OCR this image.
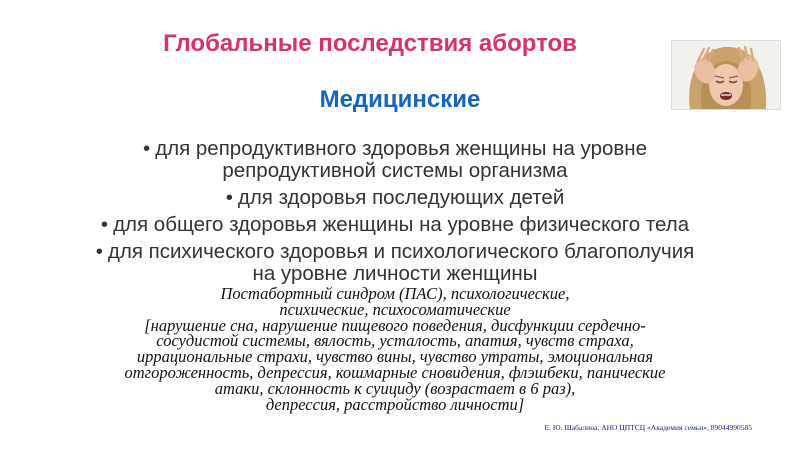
Глобальные последствия абортов
Медицинские
• для репродуктивного здоровья женщины на уровне
репродуктивной системы организма
• для здоровья последующих детей
• для общего здоровья женщины на уровне физического тела
• для психического здоровья и психологического благополучия
на уровне личности женщины

Постабортный синдром (ПАС), психологические,

психические, психосоматические

[нарушение сна, нарушение пищевого поведения, дисфункции сердечно-

сосудистой системы, вялость, усталость, апатия, чувств страха,

иррациональные страхи, чувство вины, чувство утраты, эмоциональная

отгороженность, депрессия, кошмарные сновидения, флэшбеки, панические

атаки, склонность к суициду (возрастает в 6 раз),

депрессия, расстройство личности]

Е. Ю. Шабалина, АНО ЦПТСЦ «Академия семьи», 89044990585
